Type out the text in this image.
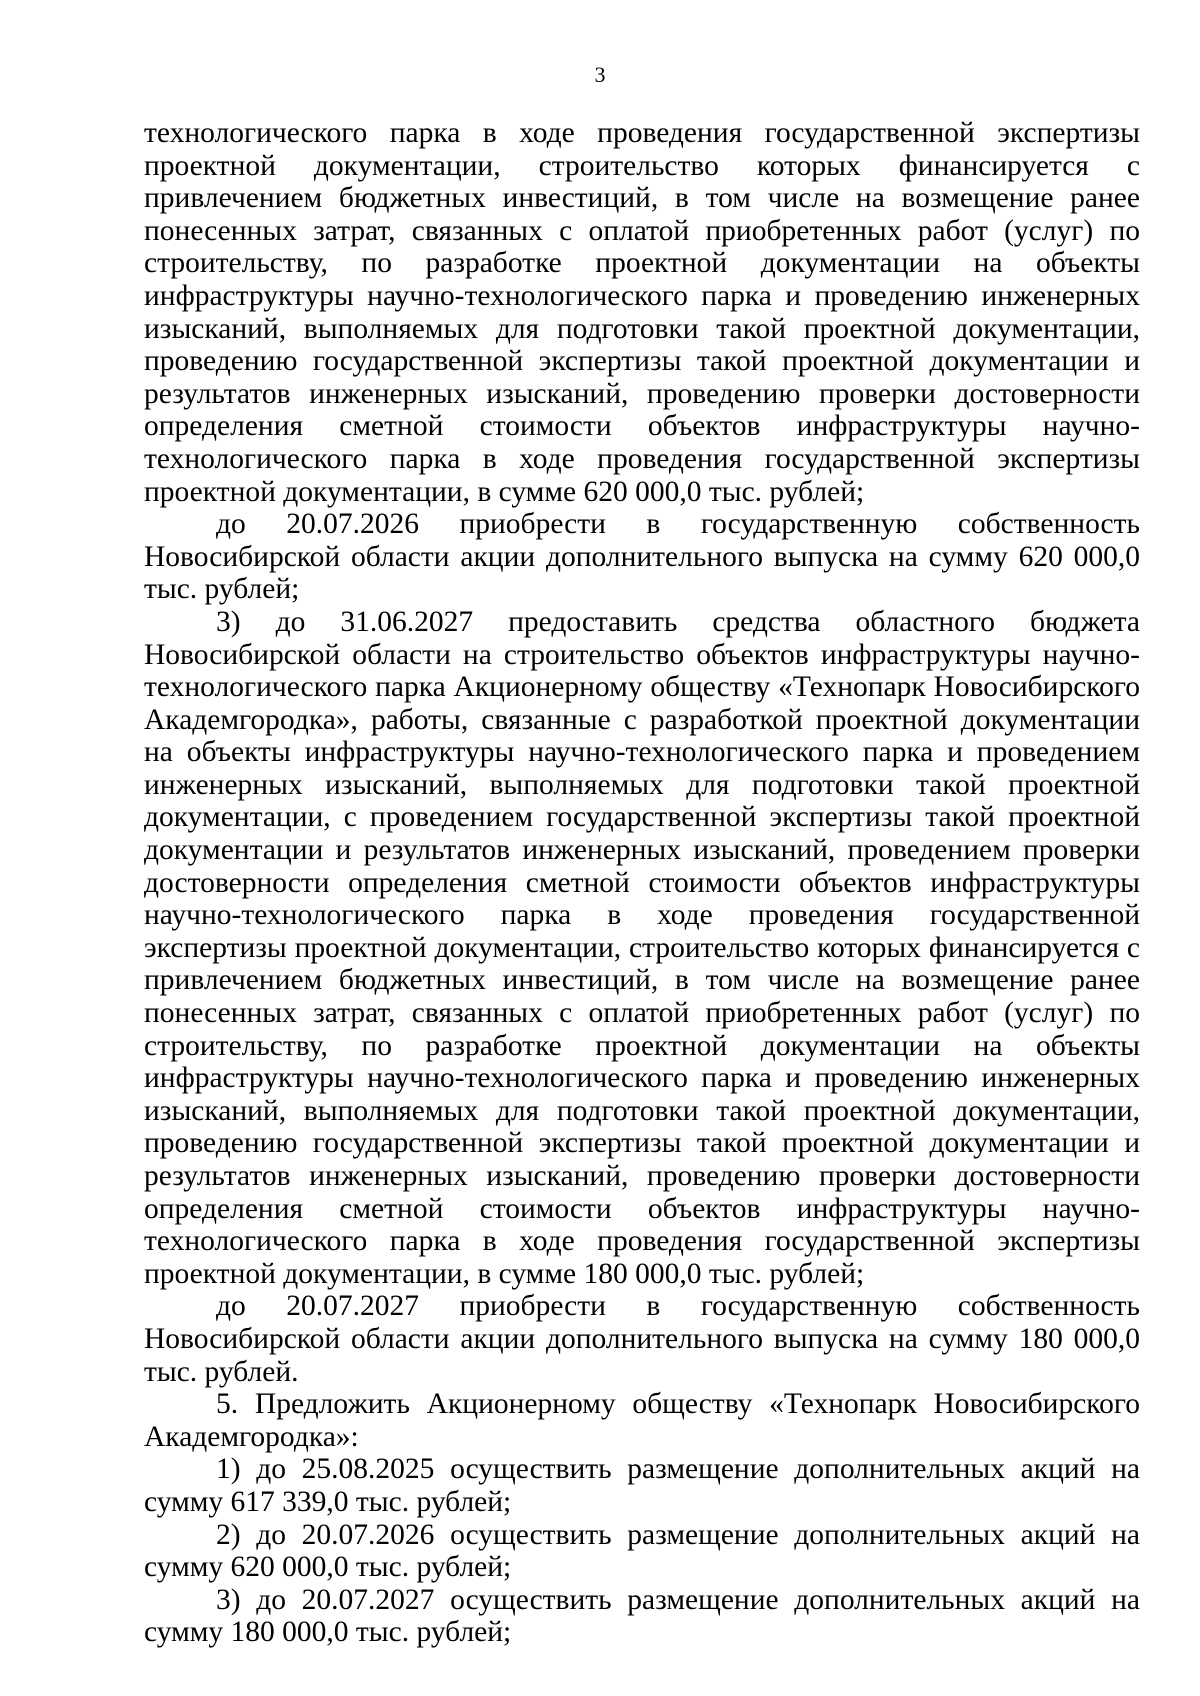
3

технологического парка в ходе проведения государственной экспертизы проектной документации, строительство которых финансируется с привлечением бюджетных инвестиций, в том числе на возмещение ранее понесенных затрат, связанных с оплатой приобретенных работ (услуг) по строительству, по разработке проектной документации на объекты инфраструктуры научно-технологического парка и проведению инженерных изысканий, выполняемых для подготовки такой проектной документации, проведению государственной экспертизы такой проектной документации и результатов инженерных изысканий, проведению проверки достоверности определения сметной стоимости объектов инфраструктуры научно-технологического парка в ходе проведения государственной экспертизы проектной документации, в сумме 620 000,0 тыс. рублей;

до 20.07.2026 приобрести в государственную собственность Новосибирской области акции дополнительного выпуска на сумму 620 000,0 тыс. рублей;

3) до 31.06.2027 предоставить средства областного бюджета Новосибирской области на строительство объектов инфраструктуры научно-технологического парка Акционерному обществу «Технопарк Новосибирского Академгородка», работы, связанные с разработкой проектной документации на объекты инфраструктуры научно-технологического парка и проведением инженерных изысканий, выполняемых для подготовки такой проектной документации, с проведением государственной экспертизы такой проектной документации и результатов инженерных изысканий, проведением проверки достоверности определения сметной стоимости объектов инфраструктуры научно-технологического парка в ходе проведения государственной экспертизы проектной документации, строительство которых финансируется с привлечением бюджетных инвестиций, в том числе на возмещение ранее понесенных затрат, связанных с оплатой приобретенных работ (услуг) по строительству, по разработке проектной документации на объекты инфраструктуры научно-технологического парка и проведению инженерных изысканий, выполняемых для подготовки такой проектной документации, проведению государственной экспертизы такой проектной документации и результатов инженерных изысканий, проведению проверки достоверности определения сметной стоимости объектов инфраструктуры научно-технологического парка в ходе проведения государственной экспертизы проектной документации, в сумме 180 000,0 тыс. рублей;

до 20.07.2027 приобрести в государственную собственность Новосибирской области акции дополнительного выпуска на сумму 180 000,0 тыс. рублей.

5. Предложить Акционерному обществу «Технопарк Новосибирского Академгородка»:

1) до 25.08.2025 осуществить размещение дополнительных акций на сумму 617 339,0 тыс. рублей;

2) до 20.07.2026 осуществить размещение дополнительных акций на сумму 620 000,0 тыс. рублей;

3) до 20.07.2027 осуществить размещение дополнительных акций на сумму 180 000,0 тыс. рублей;
